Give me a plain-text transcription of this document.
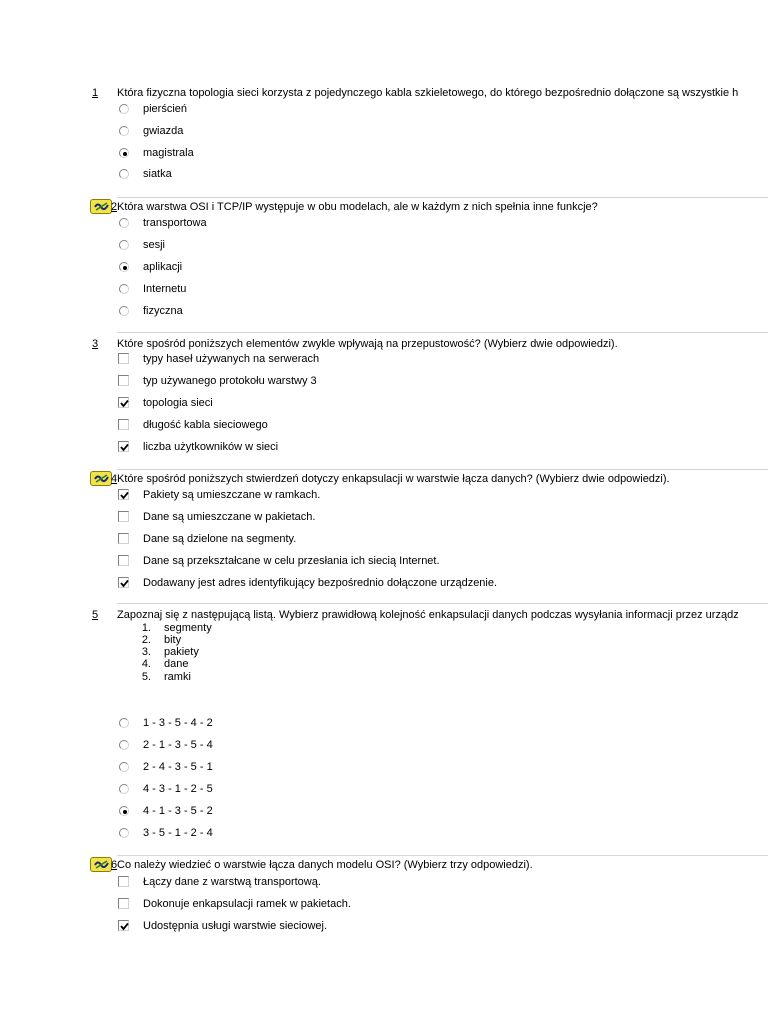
1 Która fizyczna topologia sieci korzysta z pojedynczego kabla szkieletowego, do którego bezpośrednio dołączone są wszystkie h
pierścień
gwiazda
magistrala
siatka
2 Która warstwa OSI i TCP/IP występuje w obu modelach, ale w każdym z nich spełnia inne funkcje?
transportowa
sesji
aplikacji
Internetu
fizyczna
3 Które spośród poniższych elementów zwykle wpływają na przepustowość? (Wybierz dwie odpowiedzi).
typy haseł używanych na serwerach
typ używanego protokołu warstwy 3
topologia sieci
długość kabla sieciowego
liczba użytkowników w sieci
4 Które spośród poniższych stwierdzeń dotyczy enkapsulacji w warstwie łącza danych? (Wybierz dwie odpowiedzi).
Pakiety są umieszczane w ramkach.
Dane są umieszczane w pakietach.
Dane są dzielone na segmenty.
Dane są przekształcane w celu przesłania ich siecią Internet.
Dodawany jest adres identyfikujący bezpośrednio dołączone urządzenie.
5 Zapoznaj się z następującą listą. Wybierz prawidłową kolejność enkapsulacji danych podczas wysyłania informacji przez urządz
1. segmenty
2. bity
3. pakiety
4. dane
5. ramki
1 - 3 - 5 - 4 - 2
2 - 1 - 3 - 5 - 4
2 - 4 - 3 - 5 - 1
4 - 3 - 1 - 2 - 5
4 - 1 - 3 - 5 - 2
3 - 5 - 1 - 2 - 4
6 Co należy wiedzieć o warstwie łącza danych modelu OSI? (Wybierz trzy odpowiedzi).
Łączy dane z warstwą transportową.
Dokonuje enkapsulacji ramek w pakietach.
Udostępnia usługi warstwie sieciowej.
